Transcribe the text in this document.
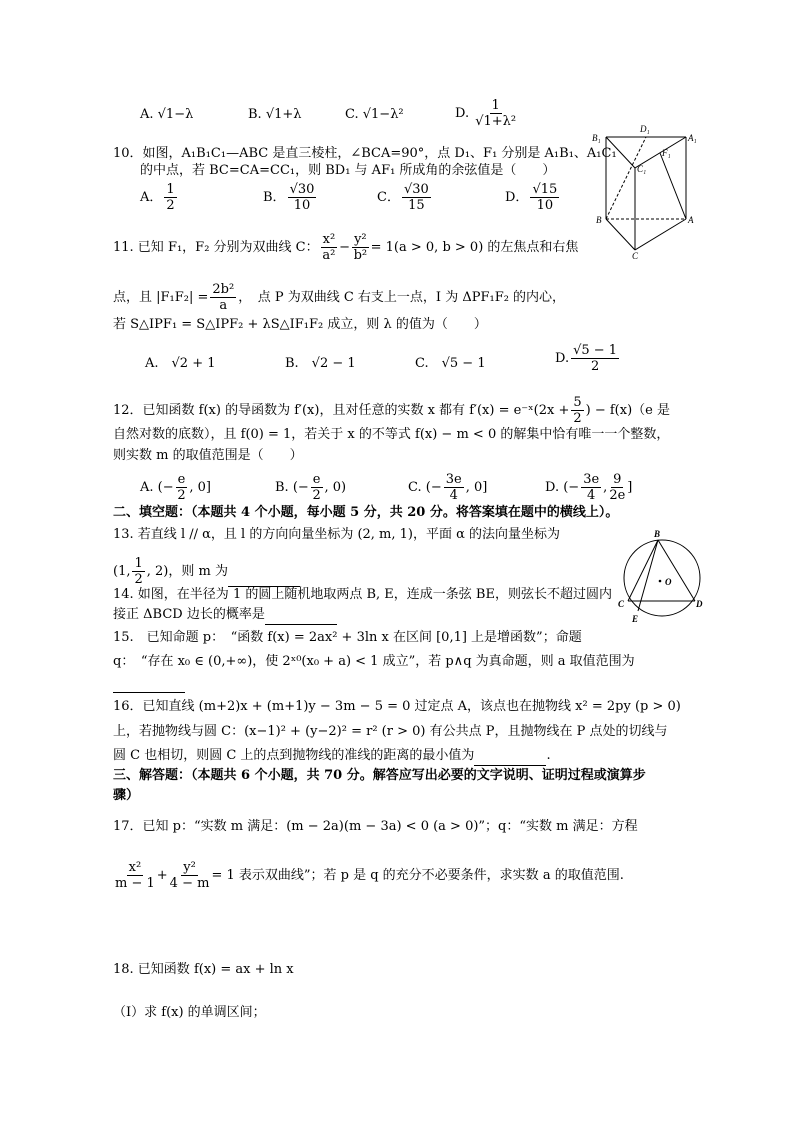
A. √1−λ	B. √1+λ	C. √1−λ²	D. $\frac{1}{\text{√1+λ²}}$
10．如图，A₁B₁C₁—ABC 是直三棱柱，∠BCA=90°，点 D₁、F₁ 分别是 A₁B₁、A₁C₁
的中点，若 BC=CA=CC₁，则 BD₁ 与 AF₁ 所成角的余弦值是（　　）
A． $\frac{1}{2}$	B． $\frac{√30}{10}$	C． $\frac{√30}{15}$	D． $\frac{√15}{10}$
B₁
D₁
A₁
F₁
C₁
B	A
C
11. 已知 F₁，F₂ 分别为双曲线 C： $\frac{\text{x²}}{\text{a²}} - \frac{\text{y²}}{\text{b²}} = 1(a > 0$, b > 0) 的左焦点和右焦
点，且 $|F_1F_2| = \frac{\text{2b²}}{a}$ ，　点 P 为双曲线 C 右支上一点，I 为 ΔPF₁F₂ 的内心，
若 S△IPF₁ = S△IPF₂ + λS△IF₁F₂ 成立，则 λ 的值为（　　）
A.　√2 + 1	B.　√2 − 1	C.　√5 − 1	D. $\frac{√5 - 1}{2}$
12．已知函数 f(x) 的导函数为 f′(x)，且对任意的实数 x 都有 f′(x) = e⁻ˣ(2x + $\frac{5}{2}$ ) − f(x)（e 是
自然对数的底数），且 f(0) = 1，若关于 x 的不等式 f(x) − m < 0 的解集中恰有唯一一个整数，
则实数 m 的取值范围是（　　）
A. (− $\frac{e}{2}$ , 0]	B. (− $\frac{e}{2}$ , 0)	C. (− $\frac{3e}{4}$ , 0]	D. (− $\frac{3e}{4}$ , $\frac{9}{2e}$ ]
二、填空题：（本题共 4 个小题，每小题 5 分，共 20 分。将答案填在题中的横线上）。
13. 若直线 l // α，且 l 的方向向量坐标为 (2, m, 1)，平面 α 的法向量坐标为
(1, $\frac{1}{2}$ , 2)，则 m 为
B
O
C	D
E
14. 如图，在半径为 1 的圆上随机地取两点 B, E，连成一条弦 BE，则弦长不超过圆内
接正 ΔBCD 边长的概率是
15.　已知命题 p：　“函数 f(x) = 2ax² + 3ln x 在区间 [0,1] 上是增函数”；命题
q：　“存在 x₀ ∈ (0,+∞)，使 2ˣ⁰(x₀ + a) < 1 成立”，若 p∧q 为真命题，则 a 取值范围为
16．已知直线 (m+2)x + (m+1)y − 3m − 5 = 0 过定点 A，该点也在抛物线 x² = 2py (p > 0)
上，若抛物线与圆 C：(x−1)² + (y−2)² = r² (r > 0) 有公共点 P，且抛物线在 P 点处的切线与
圆 C 也相切，则圆 C 上的点到抛物线的准线的距离的最小值为	.
三、解答题：（本题共 6 个小题，共 70 分。解答应写出必要的文字说明、证明过程或演算步
骤）
17．已知 p：“实数 m 满足：(m − 2a)(m − 3a) < 0 (a > 0)”；q：“实数 m 满足：方程
$\frac{\text{x²}}{m - 1} + \frac{\text{y²}}{4 - m} = 1$ 表示双曲线”；若 p 是 q 的充分不必要条件，求实数 a 的取值范围.
18. 已知函数 f(x) = ax + ln x
（Ⅰ）求 f(x) 的单调区间；
